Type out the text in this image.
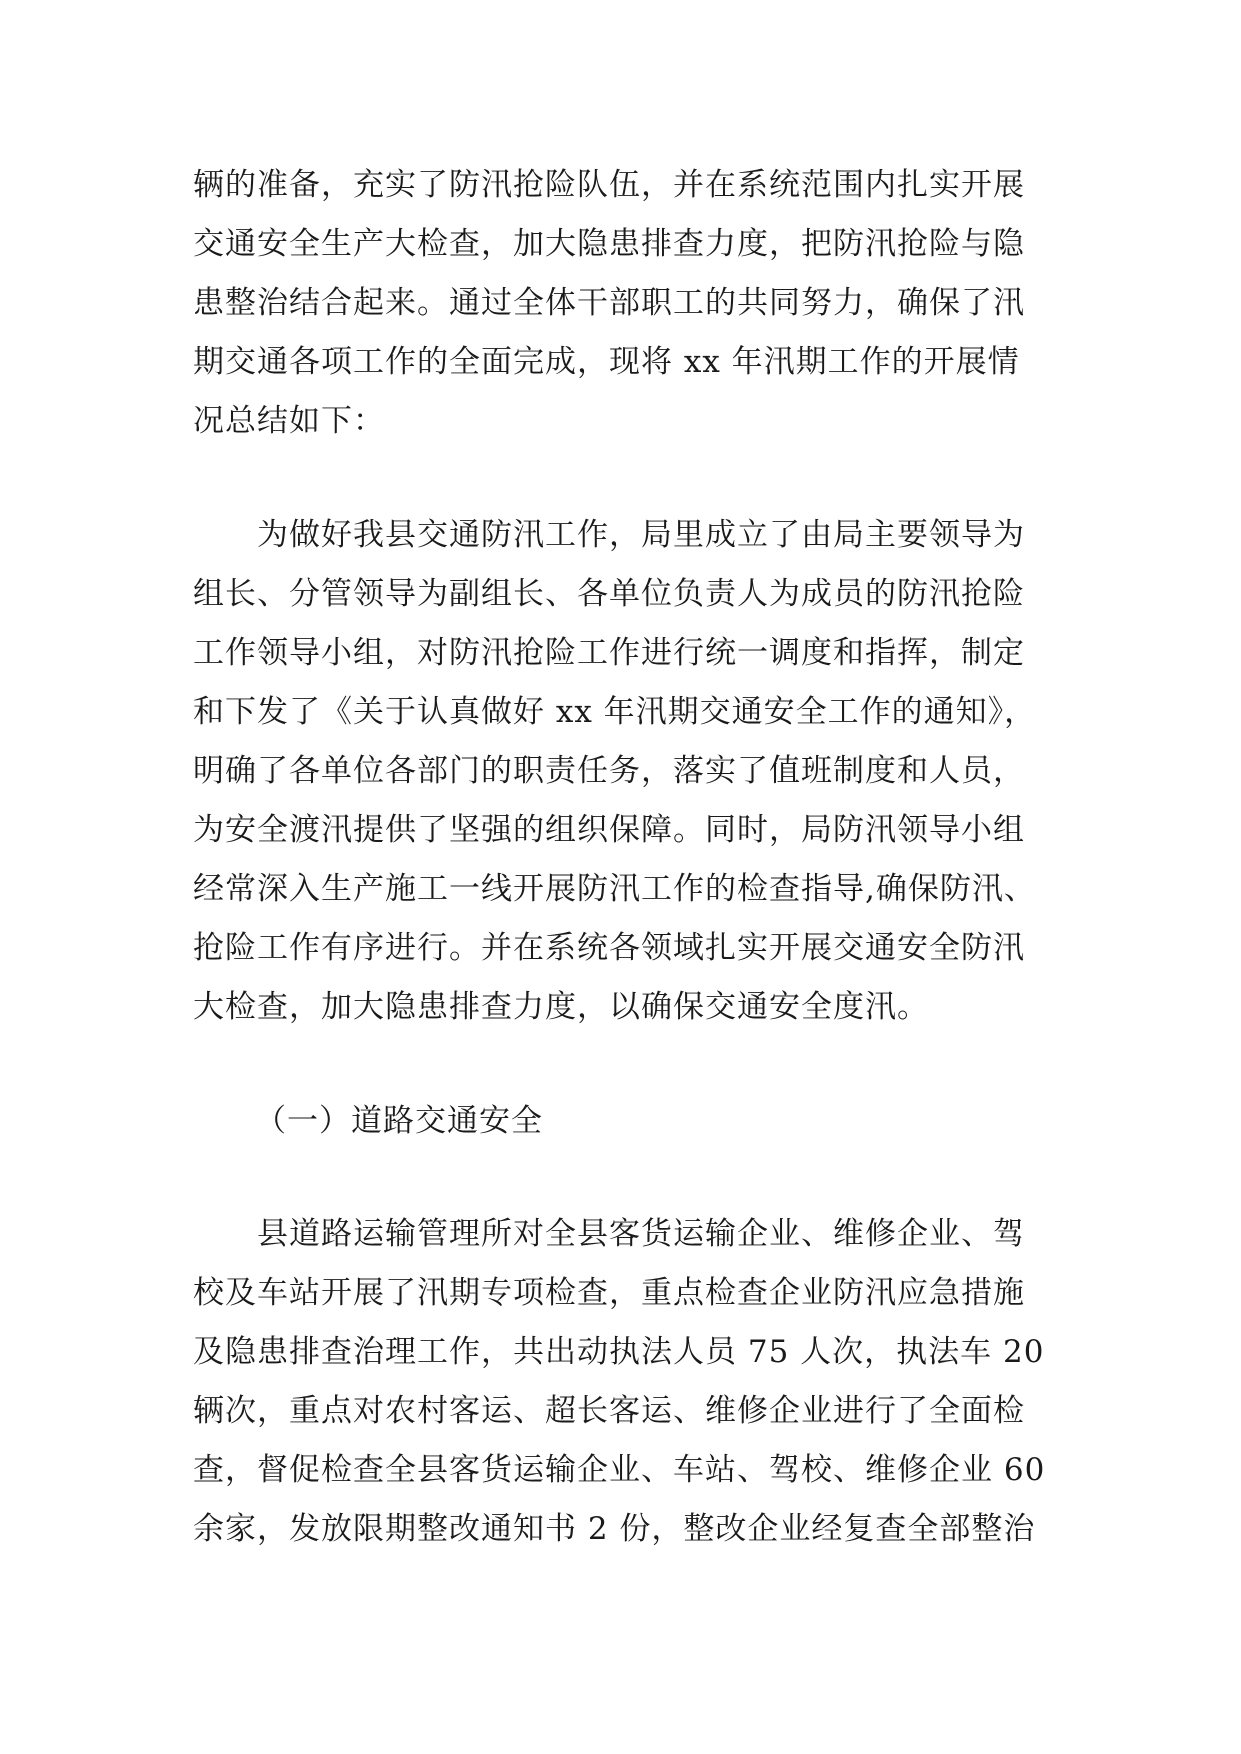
辆的准备，充实了防汛抢险队伍，并在系统范围内扎实开展
交通安全生产大检查，加大隐患排查力度，把防汛抢险与隐
患整治结合起来。通过全体干部职工的共同努力，确保了汛
期交通各项工作的全面完成，现将 xx 年汛期工作的开展情
况总结如下：
为做好我县交通防汛工作，局里成立了由局主要领导为
组长、分管领导为副组长、各单位负责人为成员的防汛抢险
工作领导小组，对防汛抢险工作进行统一调度和指挥，制定
和下发了《关于认真做好 xx 年汛期交通安全工作的通知》，
明确了各单位各部门的职责任务，落实了值班制度和人员，
为安全渡汛提供了坚强的组织保障。同时，局防汛领导小组
经常深入生产施工一线开展防汛工作的检查指导,确保防汛、
抢险工作有序进行。并在系统各领域扎实开展交通安全防汛
大检查，加大隐患排查力度，以确保交通安全度汛。
（一）道路交通安全
县道路运输管理所对全县客货运输企业、维修企业、驾
校及车站开展了汛期专项检查，重点检查企业防汛应急措施
及隐患排查治理工作，共出动执法人员 75 人次，执法车 20
辆次，重点对农村客运、超长客运、维修企业进行了全面检
查，督促检查全县客货运输企业、车站、驾校、维修企业 60
余家，发放限期整改通知书 2 份，整改企业经复查全部整治
